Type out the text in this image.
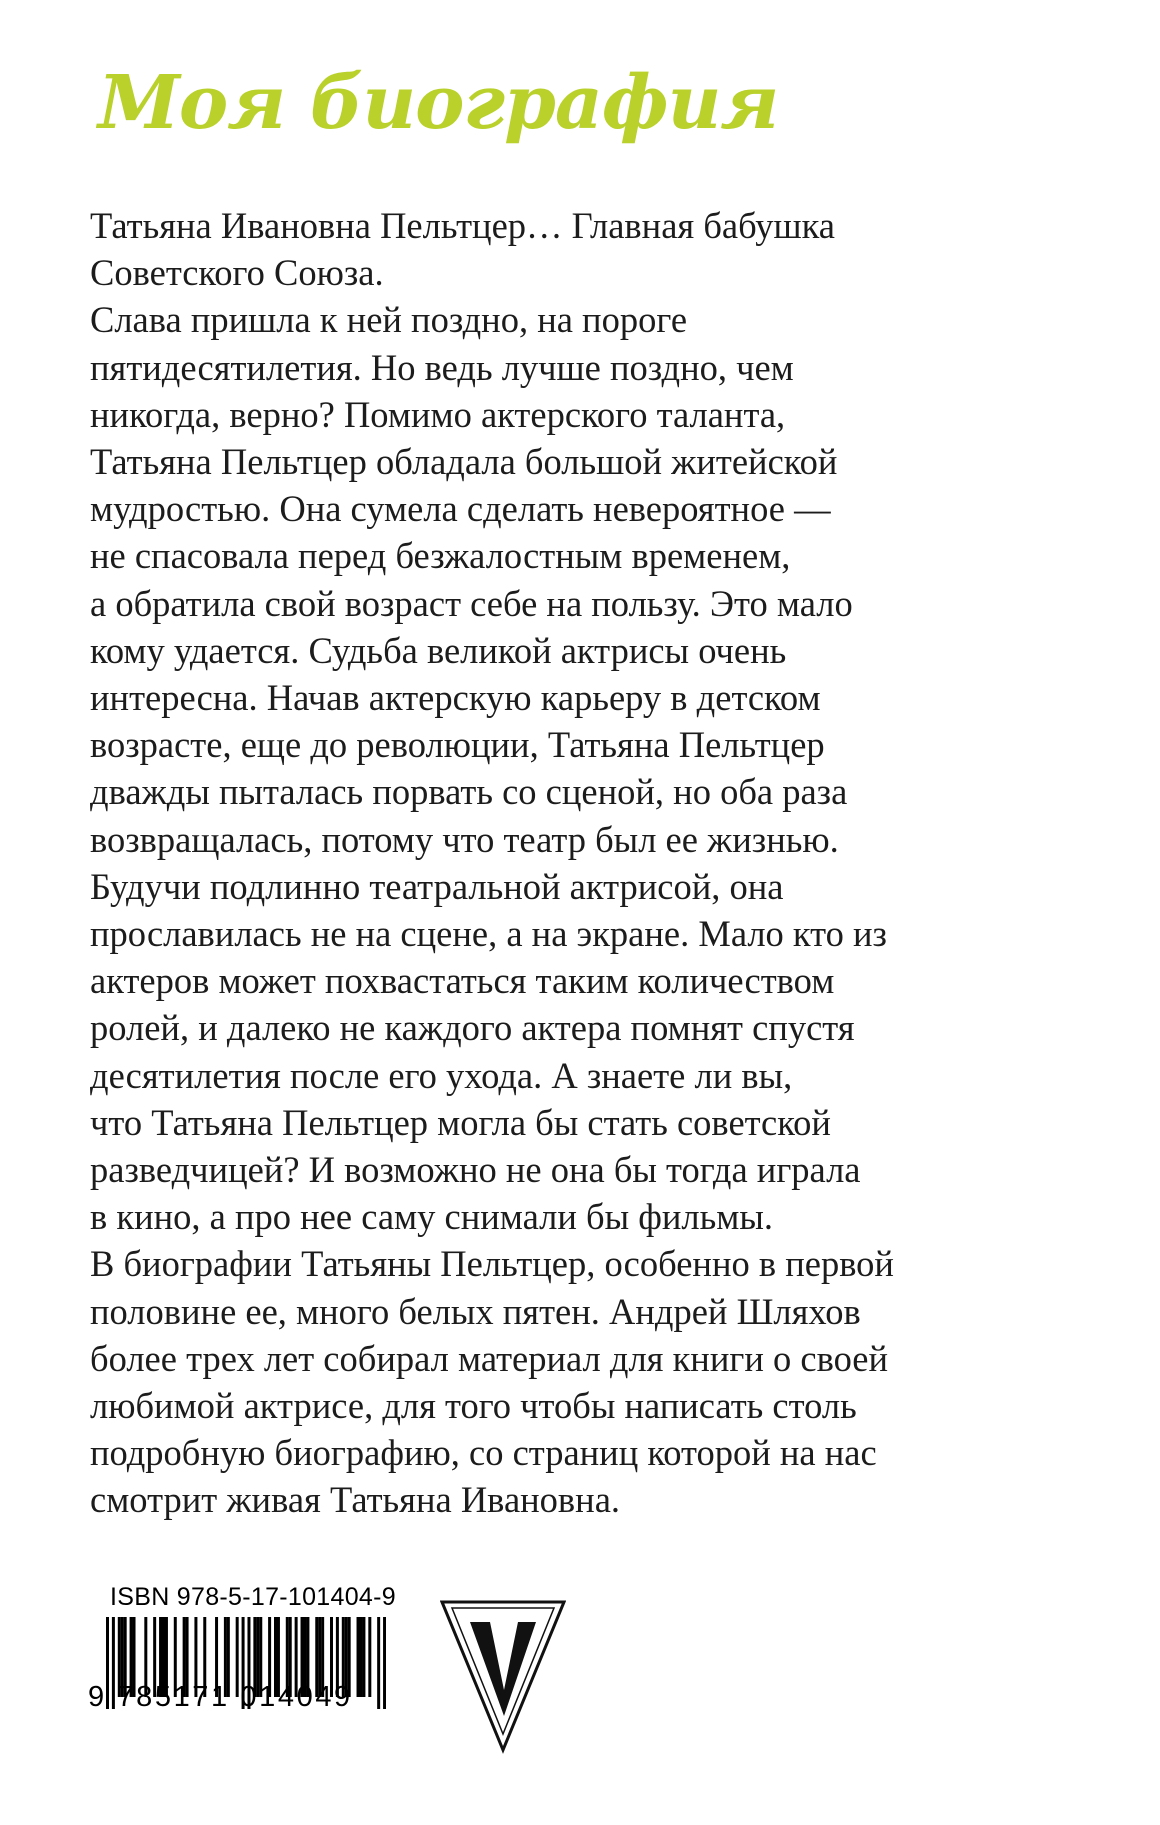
Моя биография
Татьяна Ивановна Пельтцер… Главная бабушка
Советского Союза.
Слава пришла к ней поздно, на пороге
пятидесятилетия. Но ведь лучше поздно, чем
никогда, верно? Помимо актерского таланта,
Татьяна Пельтцер обладала большой житейской
мудростью. Она сумела сделать невероятное —
не спасовала перед безжалостным временем,
а обратила свой возраст себе на пользу. Это мало
кому удается. Судьба великой актрисы очень
интересна. Начав актерскую карьеру в детском
возрасте, еще до революции, Татьяна Пельтцер
дважды пыталась порвать со сценой, но оба раза
возвращалась, потому что театр был ее жизнью.
Будучи подлинно театральной актрисой, она
прославилась не на сцене, а на экране. Мало кто из
актеров может похвастаться таким количеством
ролей, и далеко не каждого актера помнят спустя
десятилетия после его ухода. А знаете ли вы,
что Татьяна Пельтцер могла бы стать советской
разведчицей? И возможно не она бы тогда играла
в кино, а про нее саму снимали бы фильмы.
В биографии Татьяны Пельтцер, особенно в первой
половине ее, много белых пятен. Андрей Шляхов
более трех лет собирал материал для книги о своей
любимой актрисе, для того чтобы написать столь
подробную биографию, со страниц которой на нас
смотрит живая Татьяна Ивановна.
ISBN 978-5-17-101404-9
9 785171 014049
